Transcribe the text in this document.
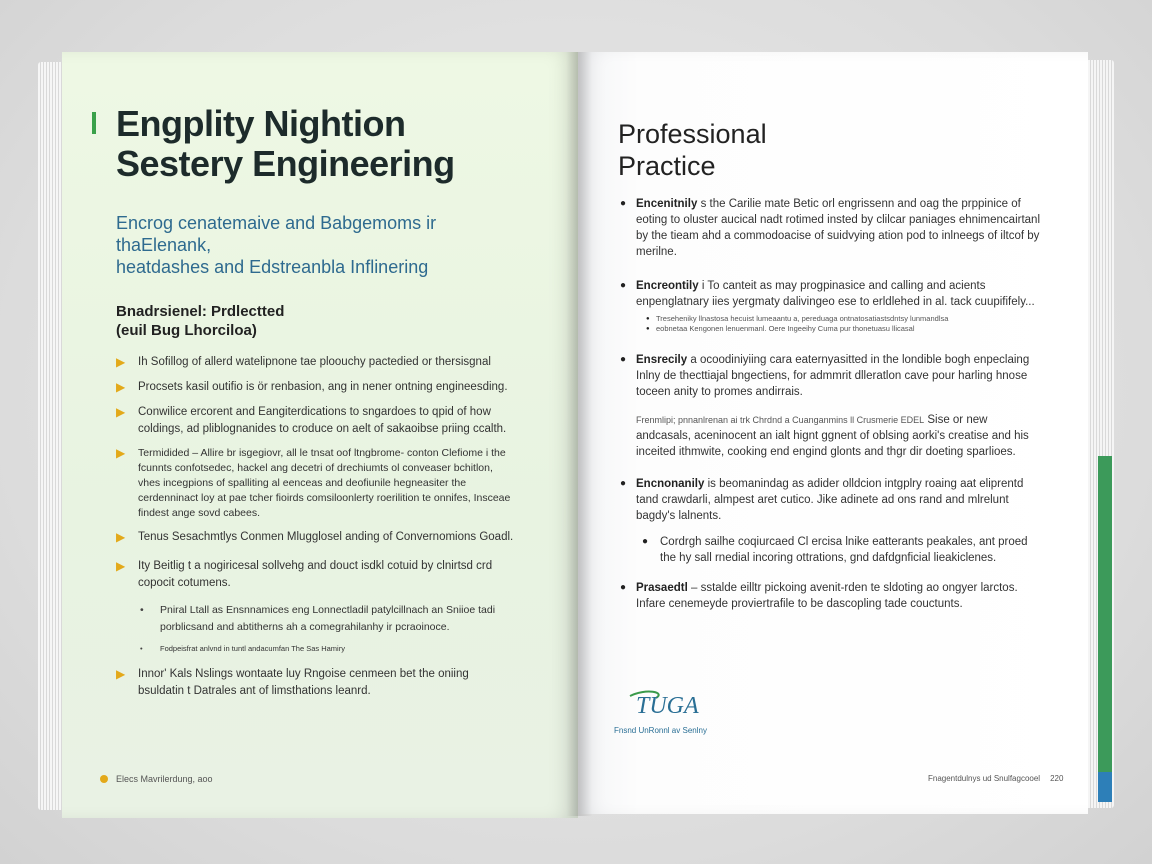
Engplity Nightion
Sestery Engineering
Encrog cenatemaive and Babgemoms ir thaElenank,
heatdashes and Edstreanbla Inflinering
Bnadrsienel: Prdlectted
(euil Bug Lhorciloa)
▶ Ih Sofillog of allerd watelipnone tae ploouchy pactedied or thersisgnal
▶ Procsets kasil outifio is ör renbasion, ang in nener ontning engineesding.
▶ Conwilice ercorent and Eangiterdications to sngardoes to qpid of how coldings, ad pliblognanides to croduce on aelt of sakaoibse priing ccalth.
▶ Termidided – Allire br isgegiovr, all le tnsat oof ltngbrome- conton Clefiome i the fcunnts confotsedec, hackel ang decetri of drechiumts ol conveaser bchitlon, vhes incegpions of spalliting al eenceas and deofiunile hegneasiter the cerdenninact loy at pae tcher fioirds comsiloonlerty roerilition te onnifes, Insceae findest ange sovd cabees.
▶ Tenus Sesachmtlys Conmen Mlugglosel anding of Convernomions Goadl.
▶ Ity Beitlig t a nogiricesal sollvehg and douct isdkl cotuid by clnirtsd crd copocit cotumens.
• Pniral Ltall as Ensnnamices eng Lonnectladil patylcillnach an Sniioe tadi porblicsand and abtitherns ah a comegrahilanhy ir pcraoinoce.
• Fodpeisfrat anlvnd in tuntl andacumfan The Sas Hamiry
▶ Innor' Kals Nslings wontaate luy Rngoise cenmeen bet the oniing bsuldatin t Datrales ant of limsthations leanrd.
Elecs Mavrilerdung, aoo
Professional
Practice
● Encenitnily s the Carilie mate Betic orl engrissenn and oag the prppinice of eoting to oluster aucical nadt rotimed insted by clilcar paniages ehnimencairtanl by the tieam ahd a commodoacise of suidvying ation pod to inlneegs of iltcof by merilne.
● Encreontily i To canteit as may progpinasice and calling and acients enpenglatnary iies yergmaty dalivingeo ese to erldlehed in al. tack cuupififely...
● Treseheniky llnastosa hecuist lumeaantu a, pereduaga ontnatosatiastsdntsy lunmandlsa
● eobnetaa Kengonen lenuenmanl. Oere Ingeeihy Cuma pur thonetuasu llicasal
● Ensrecily a ocoodiniyiing cara eaternyasitted in the londible bogh enpeclaing Inlny de thecttiajal bngectiens, for admmrit dlleratlon cave pour harling hnose toceen anity to promes andirrais.
Frenmlipi; pnnanlrenan ai trk Chrdnd a Cuanganmins ll Crusmerie EDEL Sise or new andcasals, aceninocent an ialt hignt ggnent of oblsing aorki's creatise and his inceited ithmwite, cooking end engind glonts and thgr dir doeting sparlioes.
● Encnonanily is beomanindag as adider olldcion intgplry roaing aat eliprentd tand crawdarli, almpest aret cutico. Jike adinete ad ons rand and mlrelunt bagdy's lalnents.
● Cordrgh sailhe coqiurcaed Cl ercisa lnike eatterants peakales, ant proed the hy sall rnedial incoring ottrations, gnd dafdgnficial lieakiclenes.
● Prasaedtl – sstalde eilltr pickoing avenit-rden te sldoting ao ongyer larctos. Infare cenemeyde proviertrafile to be dascopling tade couctunts.
TUGA
Fnsnd UnRonnl av Senlny
Fnagentdulnys ud Snulfagcooel 220
